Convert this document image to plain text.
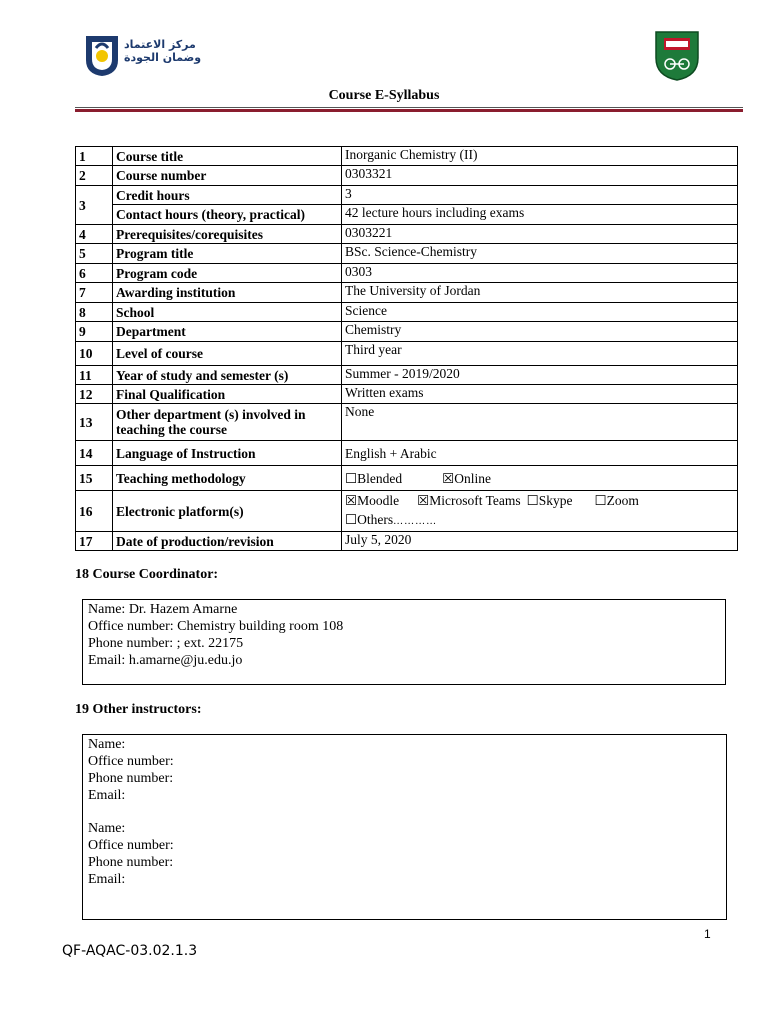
مركز الاعتماد
وضمان الجودة
Course E-Syllabus
1	Course title	Inorganic Chemistry (II)
2	Course number	0303321
3	Credit hours	3
	Contact hours (theory, practical)	42 lecture hours including exams
4	Prerequisites/corequisites	0303221
5	Program title	BSc. Science-Chemistry
6	Program code	0303
7	Awarding institution	The University of Jordan
8	School	Science
9	Department	Chemistry
10	Level of course	Third year
11	Year of study and semester (s)	Summer - 2019/2020
12	Final Qualification	Written exams
13	Other department (s) involved in teaching the course	None
14	Language of Instruction	English + Arabic
15	Teaching methodology	☐Blended ☒Online
16	Electronic platform(s)	☒Moodle ☒Microsoft Teams ☐Skype ☐Zoom
☐Others…………

17	Date of production/revision	July 5, 2020
18 Course Coordinator:
Name: Dr. Hazem Amarne
Office number: Chemistry building room 108
Phone number: ; ext. 22175
Email: h.amarne@ju.edu.jo
19 Other instructors:
Name:
Office number:
Phone number:
Email:
Name:
Office number:
Phone number:
Email:
1
QF-AQAC-03.02.1.3
